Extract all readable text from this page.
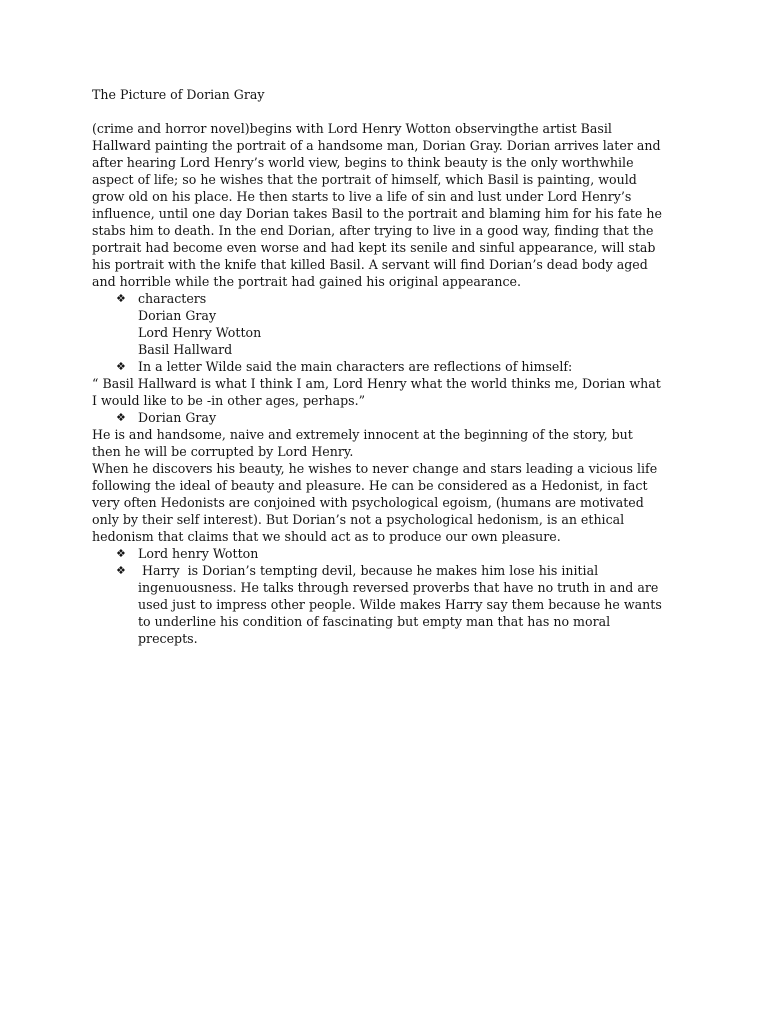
The Picture of Dorian Gray
(crime and horror novel)begins with Lord Henry Wotton observingthe artist Basil
Hallward painting the portrait of a handsome man, Dorian Gray. Dorian arrives later and
after hearing Lord Henry’s world view, begins to think beauty is the only worthwhile
aspect of life; so he wishes that the portrait of himself, which Basil is painting, would
grow old on his place. He then starts to live a life of sin and lust under Lord Henry’s
influence, until one day Dorian takes Basil to the portrait and blaming him for his fate he
stabs him to death. In the end Dorian, after trying to live in a good way, finding that the
portrait had become even worse and had kept its senile and sinful appearance, will stab
his portrait with the knife that killed Basil. A servant will find Dorian’s dead body aged
and horrible while the portrait had gained his original appearance.
❖ characters
Dorian Gray
Lord Henry Wotton
Basil Hallward
❖ In a letter Wilde said the main characters are reflections of himself:
“ Basil Hallward is what I think I am, Lord Henry what the world thinks me, Dorian what
I would like to be -in other ages, perhaps.”
❖ Dorian Gray
He is and handsome, naive and extremely innocent at the beginning of the story, but
then he will be corrupted by Lord Henry.
When he discovers his beauty, he wishes to never change and stars leading a vicious life
following the ideal of beauty and pleasure. He can be considered as a Hedonist, in fact
very often Hedonists are conjoined with psychological egoism, (humans are motivated
only by their self interest). But Dorian’s not a psychological hedonism, is an ethical
hedonism that claims that we should act as to produce our own pleasure.
❖ Lord henry Wotton
❖ Harry  is Dorian’s tempting devil, because he makes him lose his initial
ingenuousness. He talks through reversed proverbs that have no truth in and are
used just to impress other people. Wilde makes Harry say them because he wants
to underline his condition of fascinating but empty man that has no moral
precepts.
